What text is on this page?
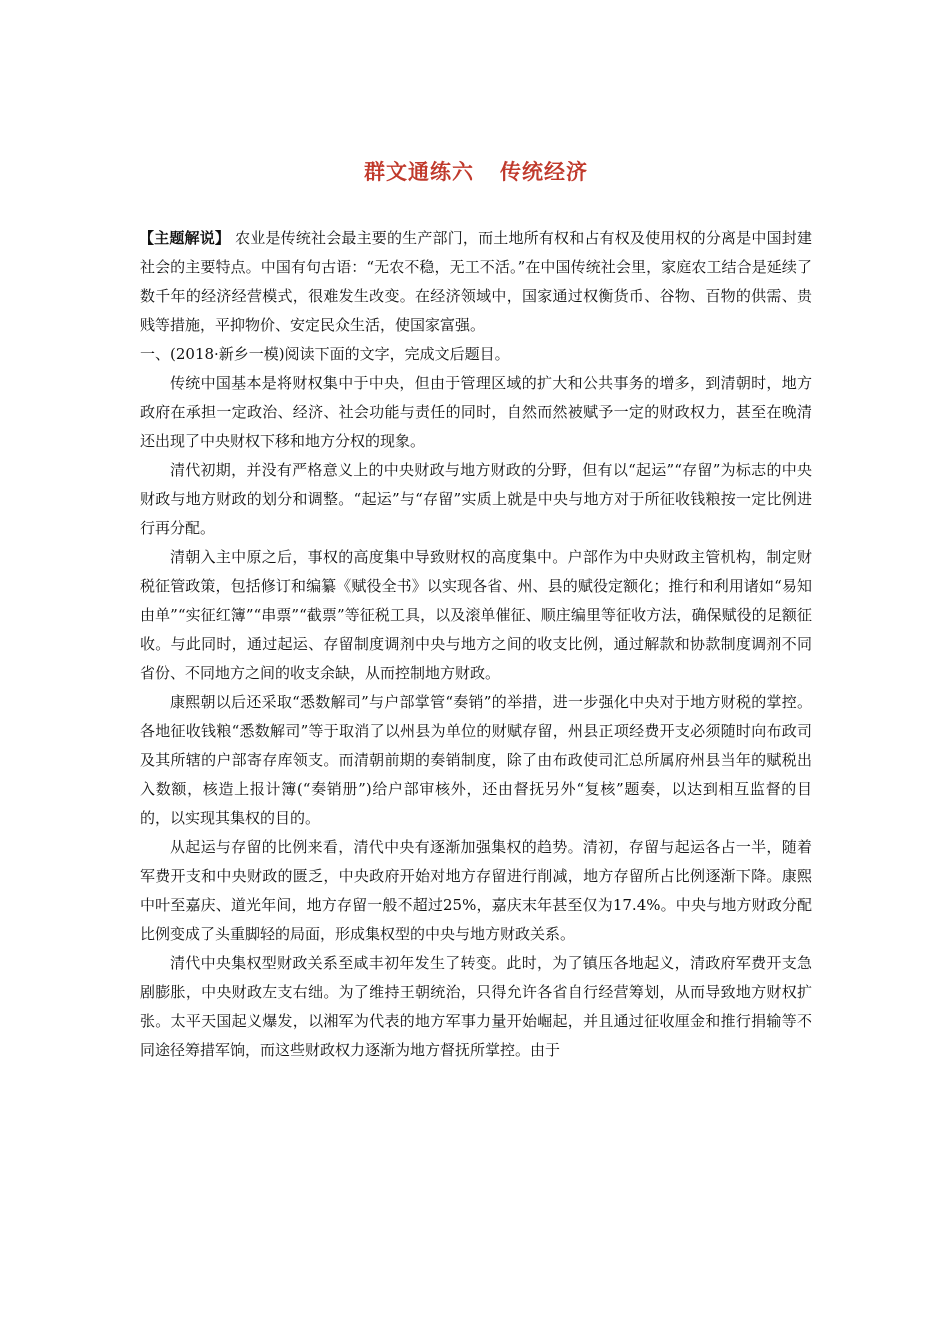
群文通练六 传统经济

【主题解说】 农业是传统社会最主要的生产部门，而土地所有权和占有权及使用权的分离是中国封建社会的主要特点。中国有句古语：“无农不稳，无工不活。”在中国传统社会里，家庭农工结合是延续了数千年的经济经营模式，很难发生改变。在经济领域中，国家通过权衡货币、谷物、百物的供需、贵贱等措施，平抑物价、安定民众生活，使国家富强。

一、(2018·新乡一模)阅读下面的文字，完成文后题目。

传统中国基本是将财权集中于中央，但由于管理区域的扩大和公共事务的增多，到清朝时，地方政府在承担一定政治、经济、社会功能与责任的同时，自然而然被赋予一定的财政权力，甚至在晚清还出现了中央财权下移和地方分权的现象。

清代初期，并没有严格意义上的中央财政与地方财政的分野，但有以“起运”“存留”为标志的中央财政与地方财政的划分和调整。“起运”与“存留”实质上就是中央与地方对于所征收钱粮按一定比例进行再分配。

清朝入主中原之后，事权的高度集中导致财权的高度集中。户部作为中央财政主管机构，制定财税征管政策，包括修订和编纂《赋役全书》以实现各省、州、县的赋役定额化；推行和利用诸如“易知由单”“实征红簿”“串票”“截票”等征税工具，以及滚单催征、顺庄编里等征收方法，确保赋役的足额征收。与此同时，通过起运、存留制度调剂中央与地方之间的收支比例，通过解款和协款制度调剂不同省份、不同地方之间的收支余缺，从而控制地方财政。

康熙朝以后还采取“悉数解司”与户部掌管“奏销”的举措，进一步强化中央对于地方财税的掌控。各地征收钱粮“悉数解司”等于取消了以州县为单位的财赋存留，州县正项经费开支必须随时向布政司及其所辖的户部寄存库领支。而清朝前期的奏销制度，除了由布政使司汇总所属府州县当年的赋税出入数额，核造上报计簿(“奏销册”)给户部审核外，还由督抚另外“复核”题奏，以达到相互监督的目的，以实现其集权的目的。

从起运与存留的比例来看，清代中央有逐渐加强集权的趋势。清初，存留与起运各占一半，随着军费开支和中央财政的匮乏，中央政府开始对地方存留进行削减，地方存留所占比例逐渐下降。康熙中叶至嘉庆、道光年间，地方存留一般不超过25%，嘉庆末年甚至仅为17.4%。中央与地方财政分配比例变成了头重脚轻的局面，形成集权型的中央与地方财政关系。

清代中央集权型财政关系至咸丰初年发生了转变。此时，为了镇压各地起义，清政府军费开支急剧膨胀，中央财政左支右绌。为了维持王朝统治，只得允许各省自行经营筹划，从而导致地方财权扩张。太平天国起义爆发，以湘军为代表的地方军事力量开始崛起，并且通过征收厘金和推行捐输等不同途径筹措军饷，而这些财政权力逐渐为地方督抚所掌控。由于
